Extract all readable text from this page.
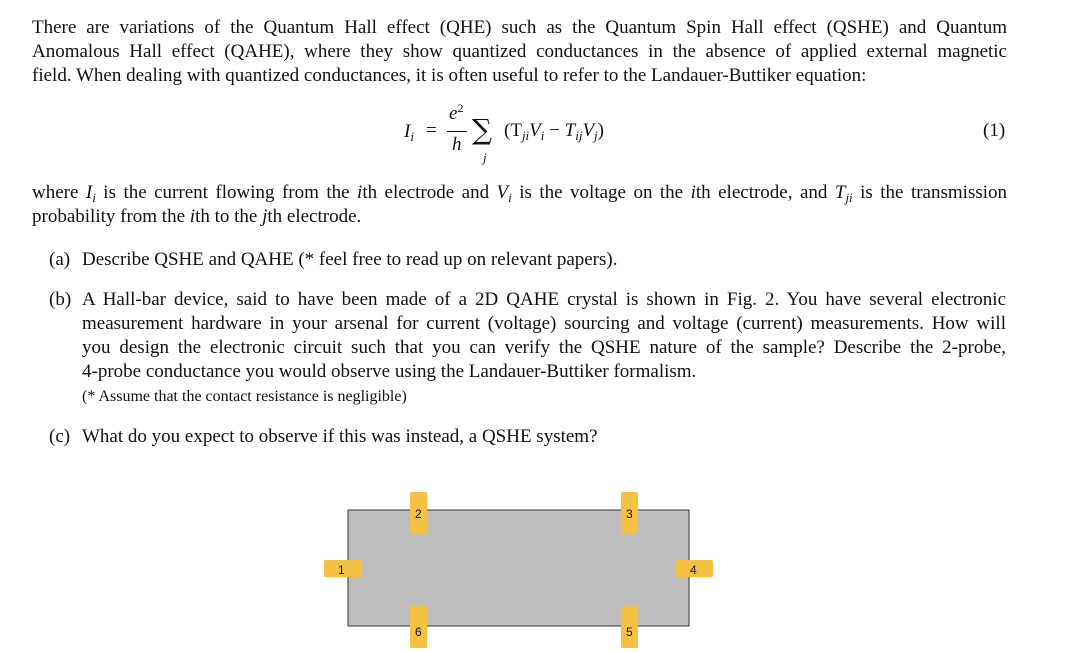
There are variations of the Quantum Hall effect (QHE) such as the Quantum Spin Hall effect (QSHE) and Quantum
Anomalous Hall effect (QAHE), where they show quantized conductances in the absence of applied external magnetic
field. When dealing with quantized conductances, it is often useful to refer to the Landauer-Buttiker equation:
$I_i$ =
$e^2$
h ∑
j
$(T_{ji}V_i - T_{ij}V_j)$	(1)
where $I_i$ is the current flowing from the ith electrode and $V_i$ is the voltage on the ith electrode, and $T_{ji}$ is the transmission
probability from the ith to the jth electrode.
(a) Describe QSHE and QAHE (* feel free to read up on relevant papers).
(b) A Hall-bar device, said to have been made of a 2D QAHE crystal is shown in Fig. 2. You have several electronic
measurement hardware in your arsenal for current (voltage) sourcing and voltage (current) measurements. How will
you design the electronic circuit such that you can verify the QSHE nature of the sample? Describe the 2-probe,
4-probe conductance you would observe using the Landauer-Buttiker formalism.
(* Assume that the contact resistance is negligible)
(c) What do you expect to observe if this was instead, a QSHE system?
1
2	3
4
5
6
